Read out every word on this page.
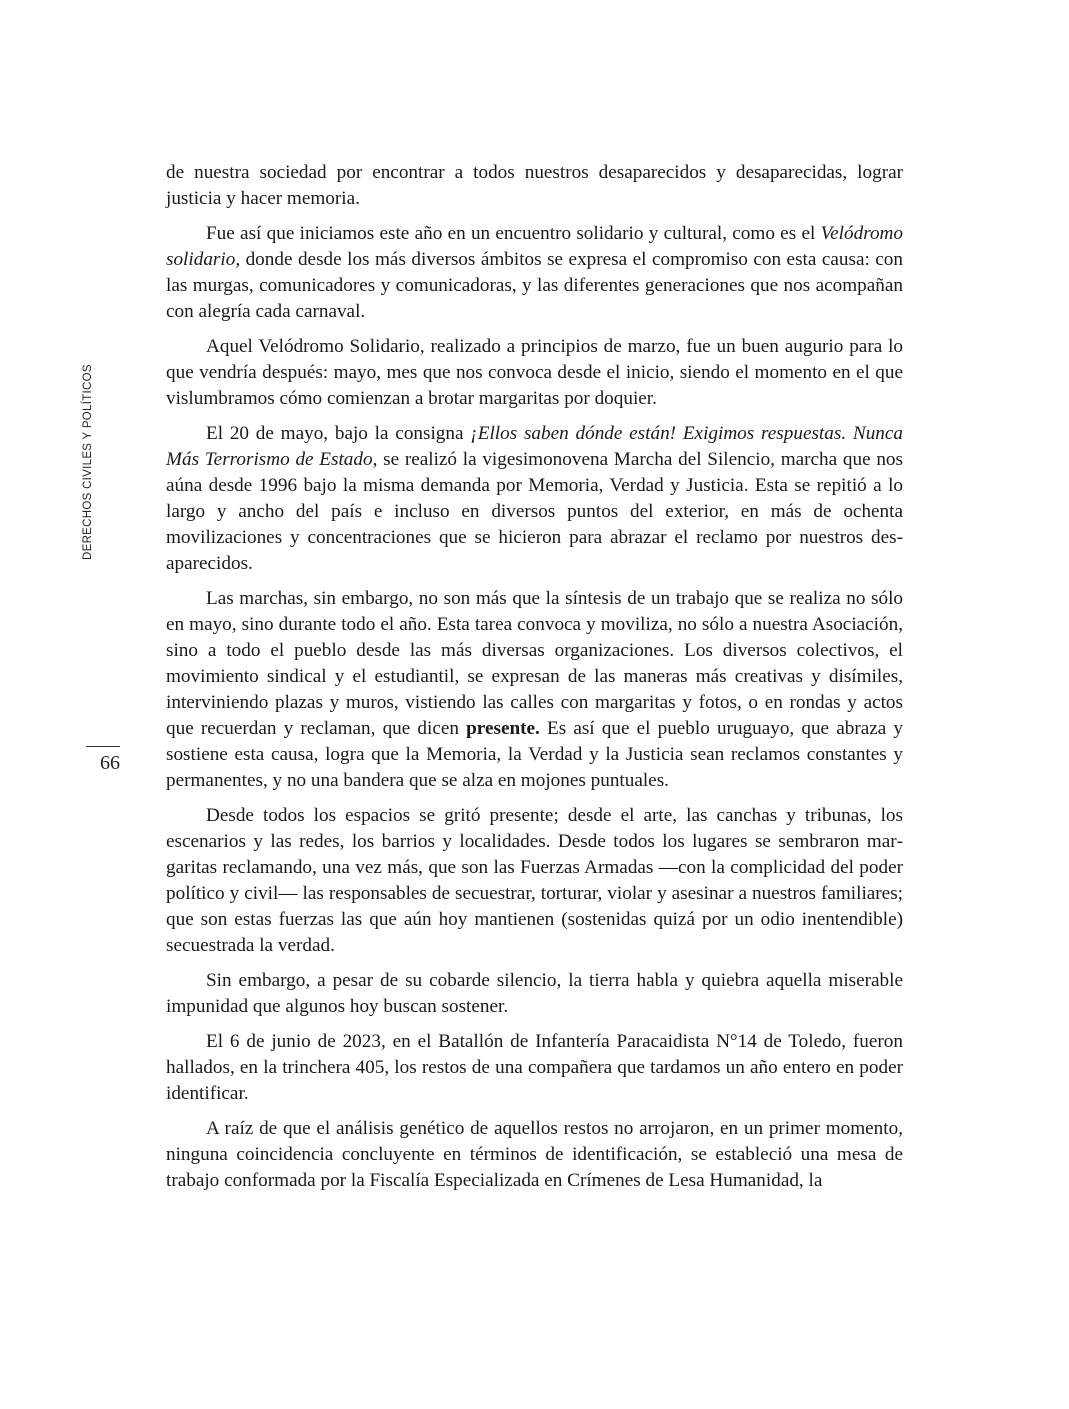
DERECHOS CIVILES Y POLÍTICOS
66

de nuestra sociedad por encontrar a todos nuestros desaparecidos y desaparecidas, lograr justicia y hacer memoria.

Fue así que iniciamos este año en un encuentro solidario y cultural, como es el Velódromo solidario, donde desde los más diversos ámbitos se expresa el compromiso con esta causa: con las murgas, comunicadores y comunicadoras, y las diferentes generaciones que nos acompañan con alegría cada carnaval.

Aquel Velódromo Solidario, realizado a principios de marzo, fue un buen augurio para lo que vendría después: mayo, mes que nos convoca desde el inicio, siendo el momento en el que vislumbramos cómo comienzan a brotar margaritas por doquier.

El 20 de mayo, bajo la consigna ¡Ellos saben dónde están! Exigimos respuestas. Nunca Más Terrorismo de Estado, se realizó la vigesimonovena Marcha del Silencio, marcha que nos aúna desde 1996 bajo la misma demanda por Memoria, Verdad y Justicia. Esta se repitió a lo largo y ancho del país e incluso en diversos puntos del exterior, en más de ochenta movilizaciones y concentraciones que se hicieron para abrazar el reclamo por nuestros desaparecidos.

Las marchas, sin embargo, no son más que la síntesis de un trabajo que se realiza no sólo en mayo, sino durante todo el año. Esta tarea convoca y moviliza, no sólo a nuestra Asociación, sino a todo el pueblo desde las más diversas organizaciones. Los diversos colectivos, el movimiento sindical y el estudiantil, se expresan de las maneras más creativas y disímiles, interviniendo plazas y muros, vistiendo las calles con margaritas y fotos, o en rondas y actos que recuerdan y reclaman, que dicen presente. Es así que el pueblo uruguayo, que abraza y sostiene esta causa, logra que la Memoria, la Verdad y la Justicia sean reclamos constantes y permanentes, y no una bandera que se alza en mojones puntuales.

Desde todos los espacios se gritó presente; desde el arte, las canchas y tribunas, los escenarios y las redes, los barrios y localidades. Desde todos los lugares se sembraron margaritas reclamando, una vez más, que son las Fuerzas Armadas —con la complicidad del poder político y civil— las responsables de secuestrar, torturar, violar y asesinar a nuestros familiares; que son estas fuerzas las que aún hoy mantienen (sostenidas quizá por un odio inentendible) secuestrada la verdad.

Sin embargo, a pesar de su cobarde silencio, la tierra habla y quiebra aquella miserable impunidad que algunos hoy buscan sostener.

El 6 de junio de 2023, en el Batallón de Infantería Paracaidista N°14 de Toledo, fueron hallados, en la trinchera 405, los restos de una compañera que tardamos un año entero en poder identificar.

A raíz de que el análisis genético de aquellos restos no arrojaron, en un primer momento, ninguna coincidencia concluyente en términos de identificación, se estableció una mesa de trabajo conformada por la Fiscalía Especializada en Crímenes de Lesa Humanidad, la
